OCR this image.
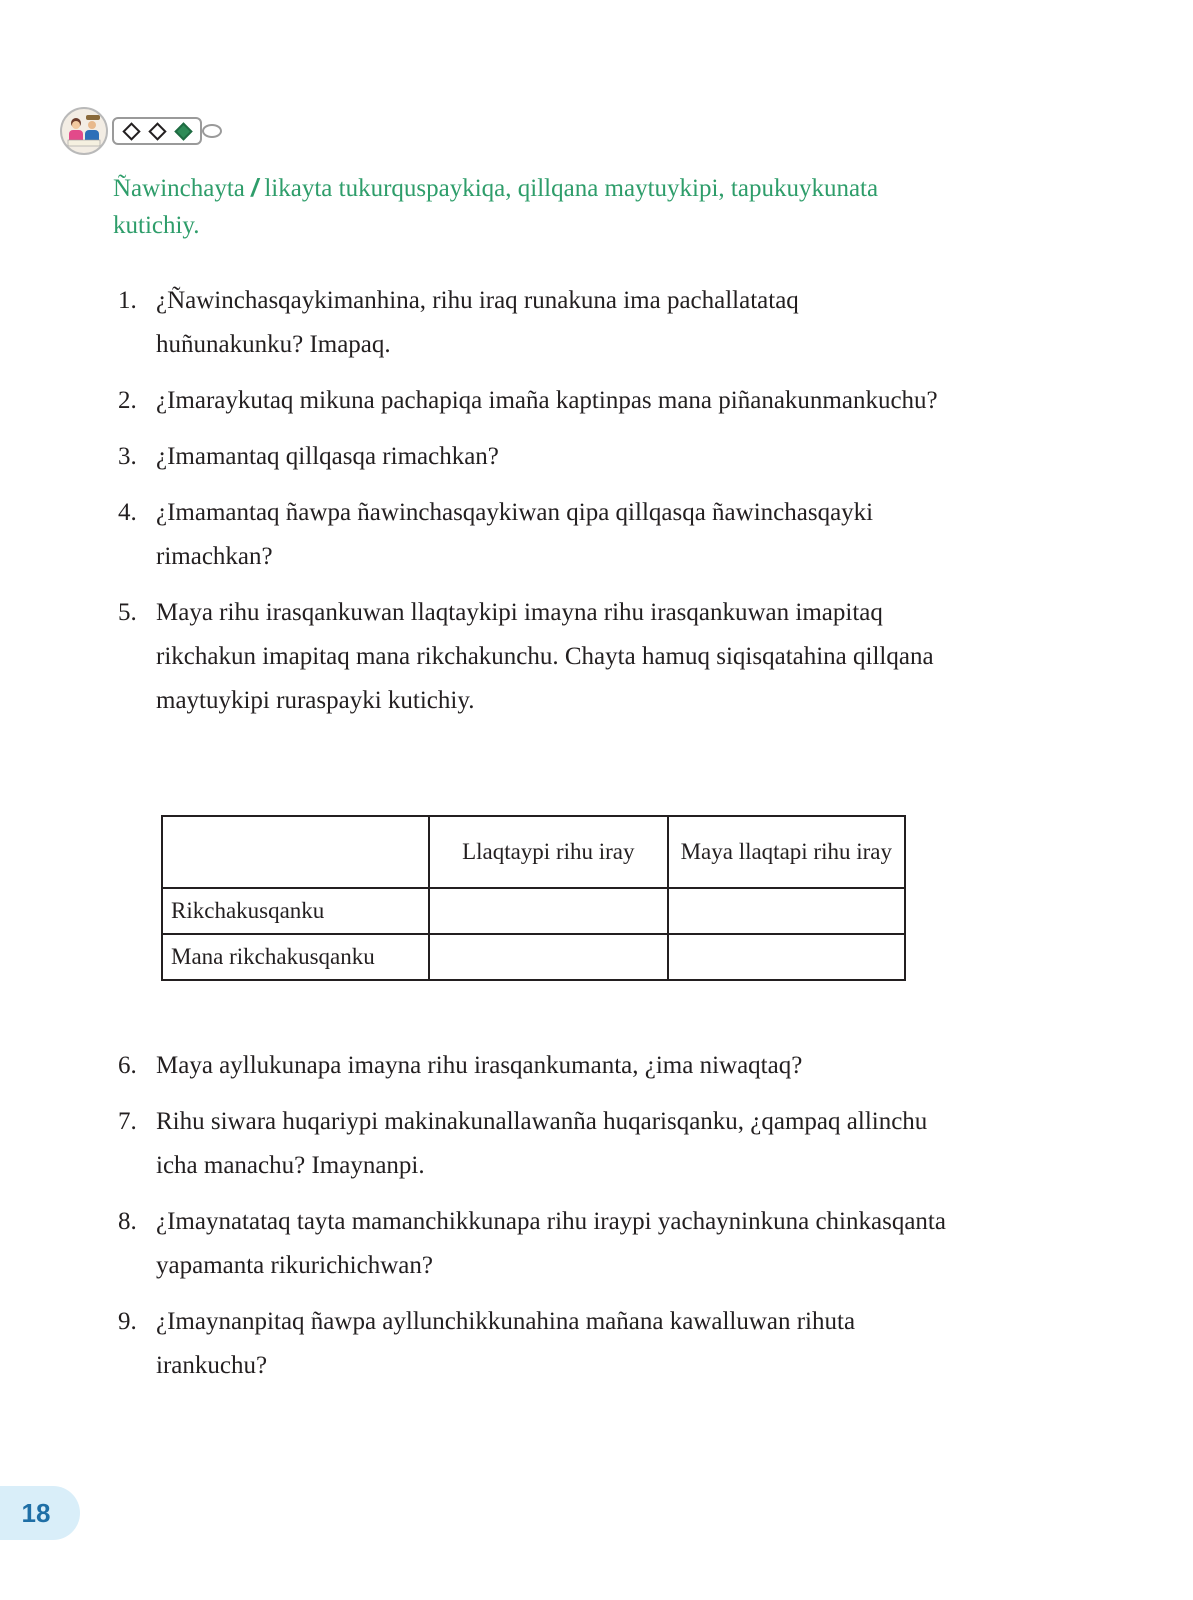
Ñawinchayta / likayta tukurquspaykiqa, qillqana maytuykipi, tapukuykunata kutichiy.

1. ¿Ñawinchasqaykimanhina, rihu iraq runakuna ima pachallatataq huñunakunku? Imapaq.
2. ¿Imaraykutaq mikuna pachapiqa imaña kaptinpas mana piñanakunmankuchu?
3. ¿Imamantaq qillqasqa rimachkan?
4. ¿Imamantaq ñawpa ñawinchasqaykiwan qipa qillqasqa ñawinchasqayki rimachkan?
5. Maya rihu irasqankuwan llaqtaykipi imayna rihu irasqankuwan imapitaq rikchakun imapitaq mana rikchakunchu. Chayta hamuq siqisqatahina qillqana maytuykipi ruraspayki kutichiy.
	Llaqtaypi rihu iray	Maya llaqtapi rihu iray
Rikchakusqanku		
Mana rikchakusqanku		
6. Maya ayllukunapa imayna rihu irasqankumanta, ¿ima niwaqtaq?
7. Rihu siwara huqariypi makinakunallawanña huqarisqanku, ¿qampaq allinchu icha manachu? Imaynanpi.
8. ¿Imaynatataq tayta mamanchikkunapa rihu iraypi yachayninkuna chinkasqanta yapamanta rikurichichwan?
9. ¿Imaynanpitaq ñawpa ayllunchikkunahina mañana kawalluwan rihuta irankuchu?
18
